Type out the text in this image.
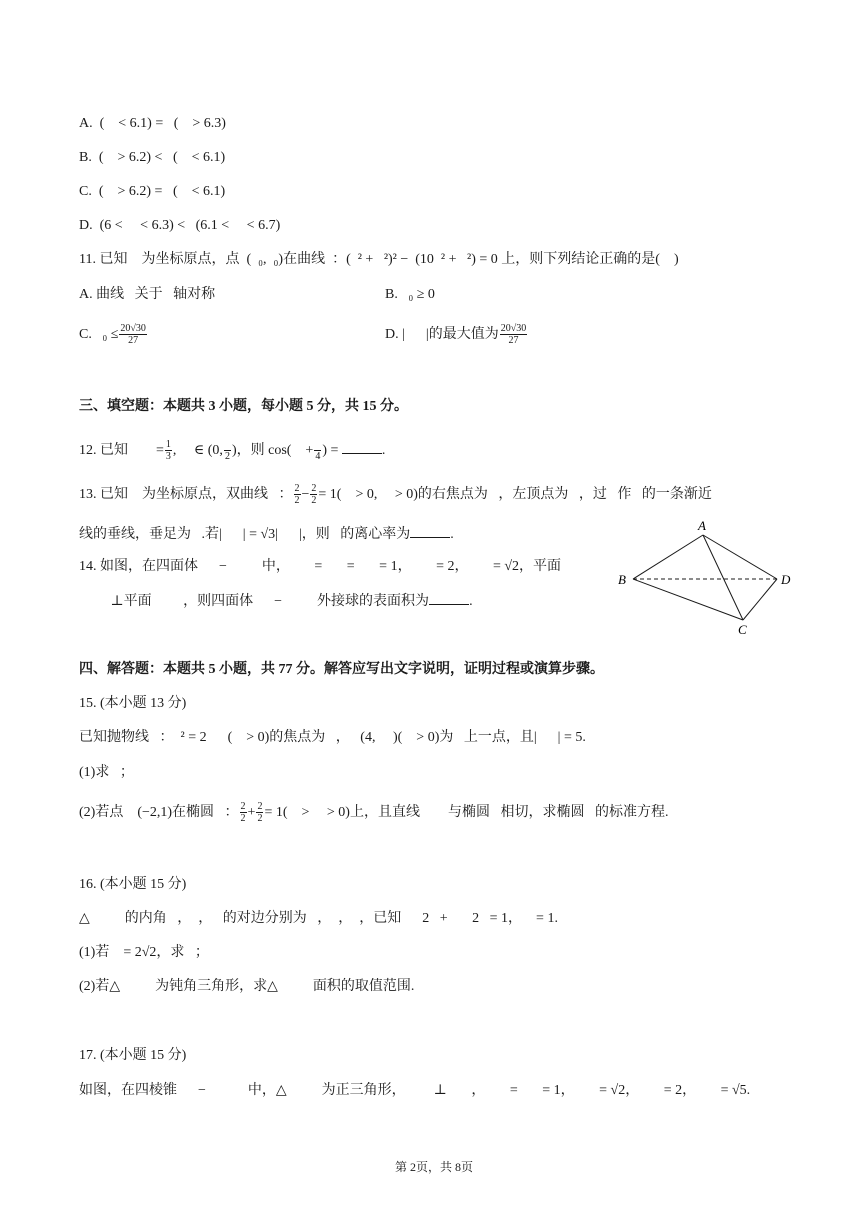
A.  (    < 6.1) =   (    > 6.3)
B.  (    > 6.2) <   (    < 6.1)
C.  (    > 6.2) =   (    < 6.1)
D.  (6 <     < 6.3) <   (6.1 <     < 6.7)
11. 已知    为坐标原点，点  (  ₀,  ₀)在曲线  ：(  ² +   ²)² −  (10  ² +   ²) = 0 上，则下列结论正确的是(    )
A. 曲线   关于   轴对称	B.   ₀ ≥ 0
C.   $_0 \le \frac{20√30}{27}$	D. |      |的最大值为 $\frac{20√30}{27}$
三、填空题：本题共 3 小题，每小题 5 分，共 15 分。
12. 已知        = $\frac{1}{3}$ ,     ∈ (0, 2 )，则 cos(    + 4 ) =	.
13. 已知    为坐标原点，双曲线   ： $\frac{2}{2} - \frac{2}{2} = 1$(    > 0,     > 0)的右焦点为   ，左顶点为   ，过   作   的一条渐近
线的垂线，垂足为   .若|      | = √3|      |，则   的离心率为	.
14. 如图，在四面体      −          中，       =       =       = 1，       = 2，       = √2，平面
⊥平面         ，则四面体      −          外接球的表面积为	.
A
B
C
D
四、解答题：本题共 5 小题，共 77 分。解答应写出文字说明，证明过程或演算步骤。
15. (本小题 13 分)
已知抛物线   ：  ² = 2      (    > 0)的焦点为   ，   (4,     )(    > 0)为   上一点，且|      | = 5.
(1)求   ；
(2)若点    (−2,1)在椭圆   ： $\frac{2}{2} + \frac{2}{2} = 1$(    >     > 0)上，且直线        与椭圆   相切，求椭圆   的标准方程.
16. (本小题 15 分)
△          的内角   ，  ，   的对边分别为   ，  ，  ，已知      2   +       2   = 1，    = 1.
(1)若    = 2√2，求   ；
(2)若△          为钝角三角形，求△          面积的取值范围.
17. (本小题 15 分)
如图，在四棱锥      −            中，△          为正三角形，        ⊥       ，       =       = 1，       = √2，       = 2，       = √5.
第 2页，共 8页
